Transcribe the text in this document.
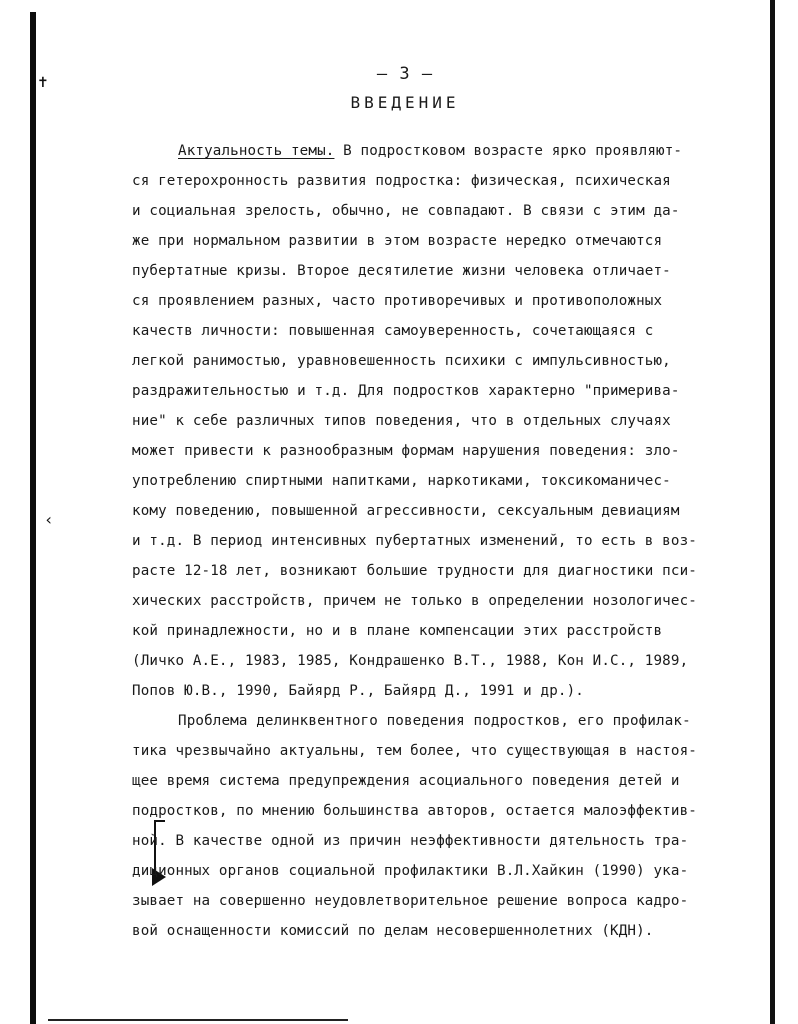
✝
‹
– 3 –
ВВЕДЕНИЕ
Актуальность темы. В подростковом возрасте ярко проявляют-
ся гетерохронность развития подростка: физическая, психическая
и социальная зрелость, обычно, не совпадают. В связи с этим да-
же при нормальном развитии в этом возрасте нередко отмечаются
пубертатные кризы. Второе десятилетие жизни человека отличает-
ся проявлением разных, часто противоречивых и противоположных
качеств личности: повышенная самоуверенность, сочетающаяся с
легкой ранимостью, уравновешенность психики с импульсивностью,
раздражительностью и т.д. Для подростков характерно "примерива-
ние" к себе различных типов поведения, что в отдельных случаях
может привести к разнообразным формам нарушения поведения: зло-
употреблению спиртными напитками, наркотиками, токсикоманичес-
кому поведению, повышенной агрессивности, сексуальным девиациям
и т.д. В период интенсивных пубертатных изменений, то есть в воз-
расте 12-18 лет, возникают большие трудности для диагностики пси-
хических расстройств, причем не только в определении нозологичес-
кой принадлежности, но и в плане компенсации этих расстройств
(Личко А.Е., 1983, 1985, Кондрашенко В.Т., 1988, Кон И.С., 1989,
Попов Ю.В., 1990, Байярд Р., Байярд Д., 1991 и др.).
Проблема делинквентного поведения подростков, его профилак-
тика чрезвычайно актуальны, тем более, что существующая в настоя-
щее время система предупреждения асоциального поведения детей и
подростков, по мнению большинства авторов, остается малоэффектив-
ной. В качестве одной из причин неэффективности дятельность тра-
диционных органов социальной профилактики В.Л.Хайкин (1990) ука-
зывает на совершенно неудовлетворительное решение вопроса кадро-
вой оснащенности комиссий по делам несовершеннолетних (КДН).
